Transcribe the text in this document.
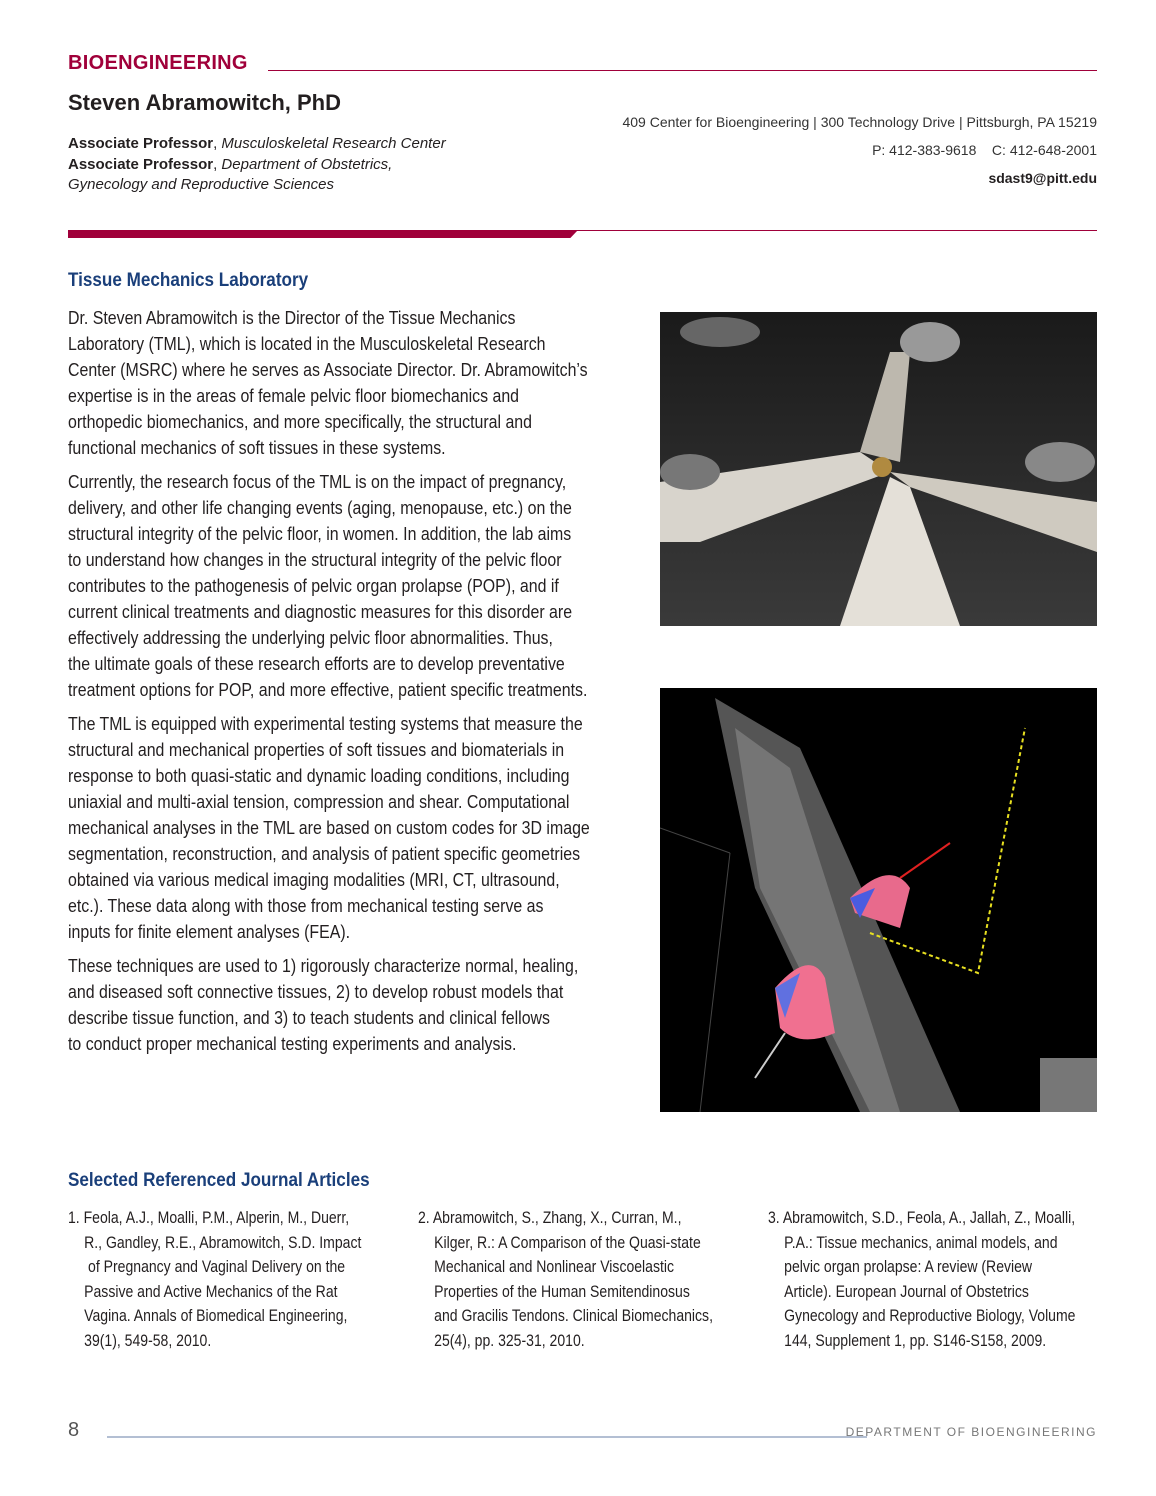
BIOENGINEERING
Steven Abramowitch, PhD
Associate Professor, Musculoskeletal Research Center
Associate Professor, Department of Obstetrics,
Gynecology and Reproductive Sciences
409 Center for Bioengineering | 300 Technology Drive | Pittsburgh, PA 15219
P: 412-383-9618    C: 412-648-2001
sdast9@pitt.edu
Tissue Mechanics Laboratory
Dr. Steven Abramowitch is the Director of the Tissue Mechanics
Laboratory (TML), which is located in the Musculoskeletal Research
Center (MSRC) where he serves as Associate Director. Dr. Abramowitch’s
expertise is in the areas of female pelvic floor biomechanics and
orthopedic biomechanics, and more specifically, the structural and
functional mechanics of soft tissues in these systems.
Currently, the research focus of the TML is on the impact of pregnancy,
delivery, and other life changing events (aging, menopause, etc.) on the
structural integrity of the pelvic floor, in women. In addition, the lab aims
to understand how changes in the structural integrity of the pelvic floor
contributes to the pathogenesis of pelvic organ prolapse (POP), and if
current clinical treatments and diagnostic measures for this disorder are
effectively addressing the underlying pelvic floor abnormalities. Thus,
the ultimate goals of these research efforts are to develop preventative
treatment options for POP, and more effective, patient specific treatments.
The TML is equipped with experimental testing systems that measure the
structural and mechanical properties of soft tissues and biomaterials in
response to both quasi-static and dynamic loading conditions, including
uniaxial and multi-axial tension, compression and shear. Computational
mechanical analyses in the TML are based on custom codes for 3D image
segmentation, reconstruction, and analysis of patient specific geometries
obtained via various medical imaging modalities (MRI, CT, ultrasound,
etc.). These data along with those from mechanical testing serve as
inputs for finite element analyses (FEA).
These techniques are used to 1) rigorously characterize normal, healing,
and diseased soft connective tissues, 2) to develop robust models that
describe tissue function, and 3) to teach students and clinical fellows
to conduct proper mechanical testing experiments and analysis.
Selected Referenced Journal Articles
1. Feola, A.J., Moalli, P.M., Alperin, M., Duerr,
R., Gandley, R.E., Abramowitch, S.D. Impact
of Pregnancy and Vaginal Delivery on the
Passive and Active Mechanics of the Rat
Vagina. Annals of Biomedical Engineering,
39(1), 549-58, 2010.
2. Abramowitch, S., Zhang, X., Curran, M.,
Kilger, R.: A Comparison of the Quasi-state
Mechanical and Nonlinear Viscoelastic
Properties of the Human Semitendinosus
and Gracilis Tendons. Clinical Biomechanics,
25(4), pp. 325-31, 2010.
3. Abramowitch, S.D., Feola, A., Jallah, Z., Moalli,
P.A.: Tissue mechanics, animal models, and
pelvic organ prolapse: A review (Review
Article). European Journal of Obstetrics
Gynecology and Reproductive Biology, Volume
144, Supplement 1, pp. S146-S158, 2009.
8	DEPARTMENT OF BIOENGINEERING
